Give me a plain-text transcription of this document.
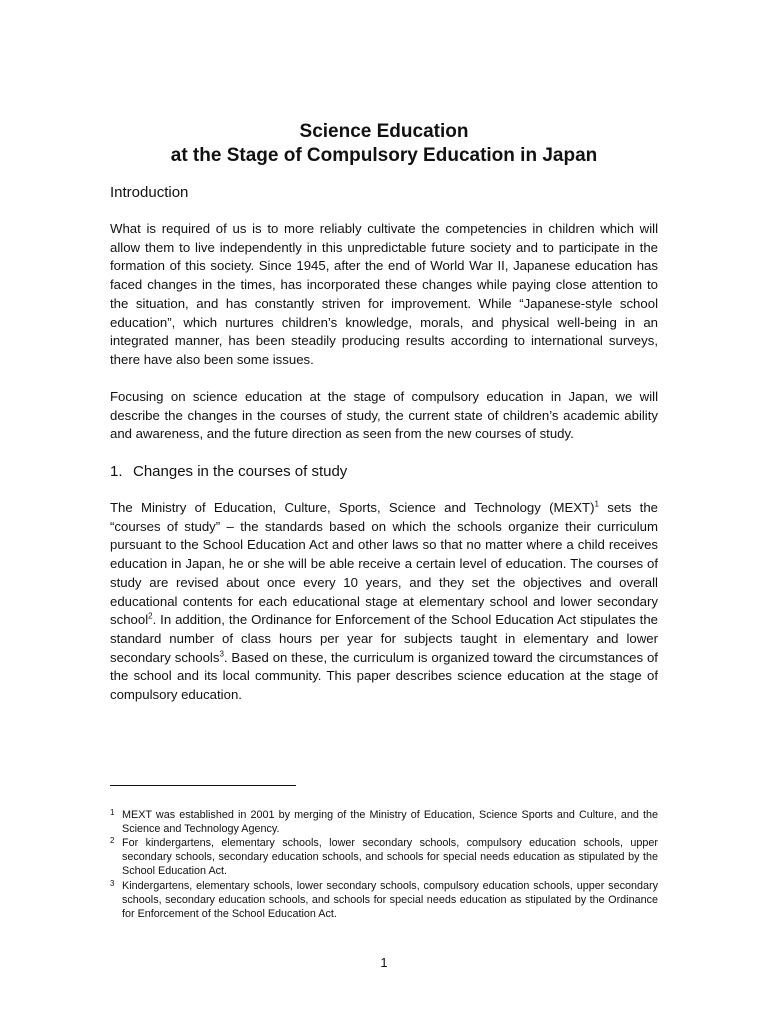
Science Education
at the Stage of Compulsory Education in Japan
Introduction

What is required of us is to more reliably cultivate the competencies in children which will allow them to live independently in this unpredictable future society and to participate in the formation of this society. Since 1945, after the end of World War II, Japanese education has faced changes in the times, has incorporated these changes while paying close attention to the situation, and has constantly striven for improvement. While “Japanese-style school education”, which nurtures children’s knowledge, morals, and physical well-being in an integrated manner, has been steadily producing results according to international surveys, there have also been some issues.

Focusing on science education at the stage of compulsory education in Japan, we will describe the changes in the courses of study, the current state of children’s academic ability and awareness, and the future direction as seen from the new courses of study.

1. Changes in the courses of study

The Ministry of Education, Culture, Sports, Science and Technology (MEXT)$^1$ sets the “courses of study” – the standards based on which the schools organize their curriculum pursuant to the School Education Act and other laws so that no matter where a child receives education in Japan, he or she will be able receive a certain level of education. The courses of study are revised about once every 10 years, and they set the objectives and overall educational contents for each educational stage at elementary school and lower secondary school$^2$. In addition, the Ordinance for Enforcement of the School Education Act stipulates the standard number of class hours per year for subjects taught in elementary and lower secondary schools$^3$. Based on these, the curriculum is organized toward the circumstances of the school and its local community. This paper describes science education at the stage of compulsory education.

1 MEXT was established in 2001 by merging of the Ministry of Education, Science Sports and Culture, and the Science and Technology Agency.
2 For kindergartens, elementary schools, lower secondary schools, compulsory education schools, upper secondary schools, secondary education schools, and schools for special needs education as stipulated by the School Education Act.
3 Kindergartens, elementary schools, lower secondary schools, compulsory education schools, upper secondary schools, secondary education schools, and schools for special needs education as stipulated by the Ordinance for Enforcement of the School Education Act.
1
